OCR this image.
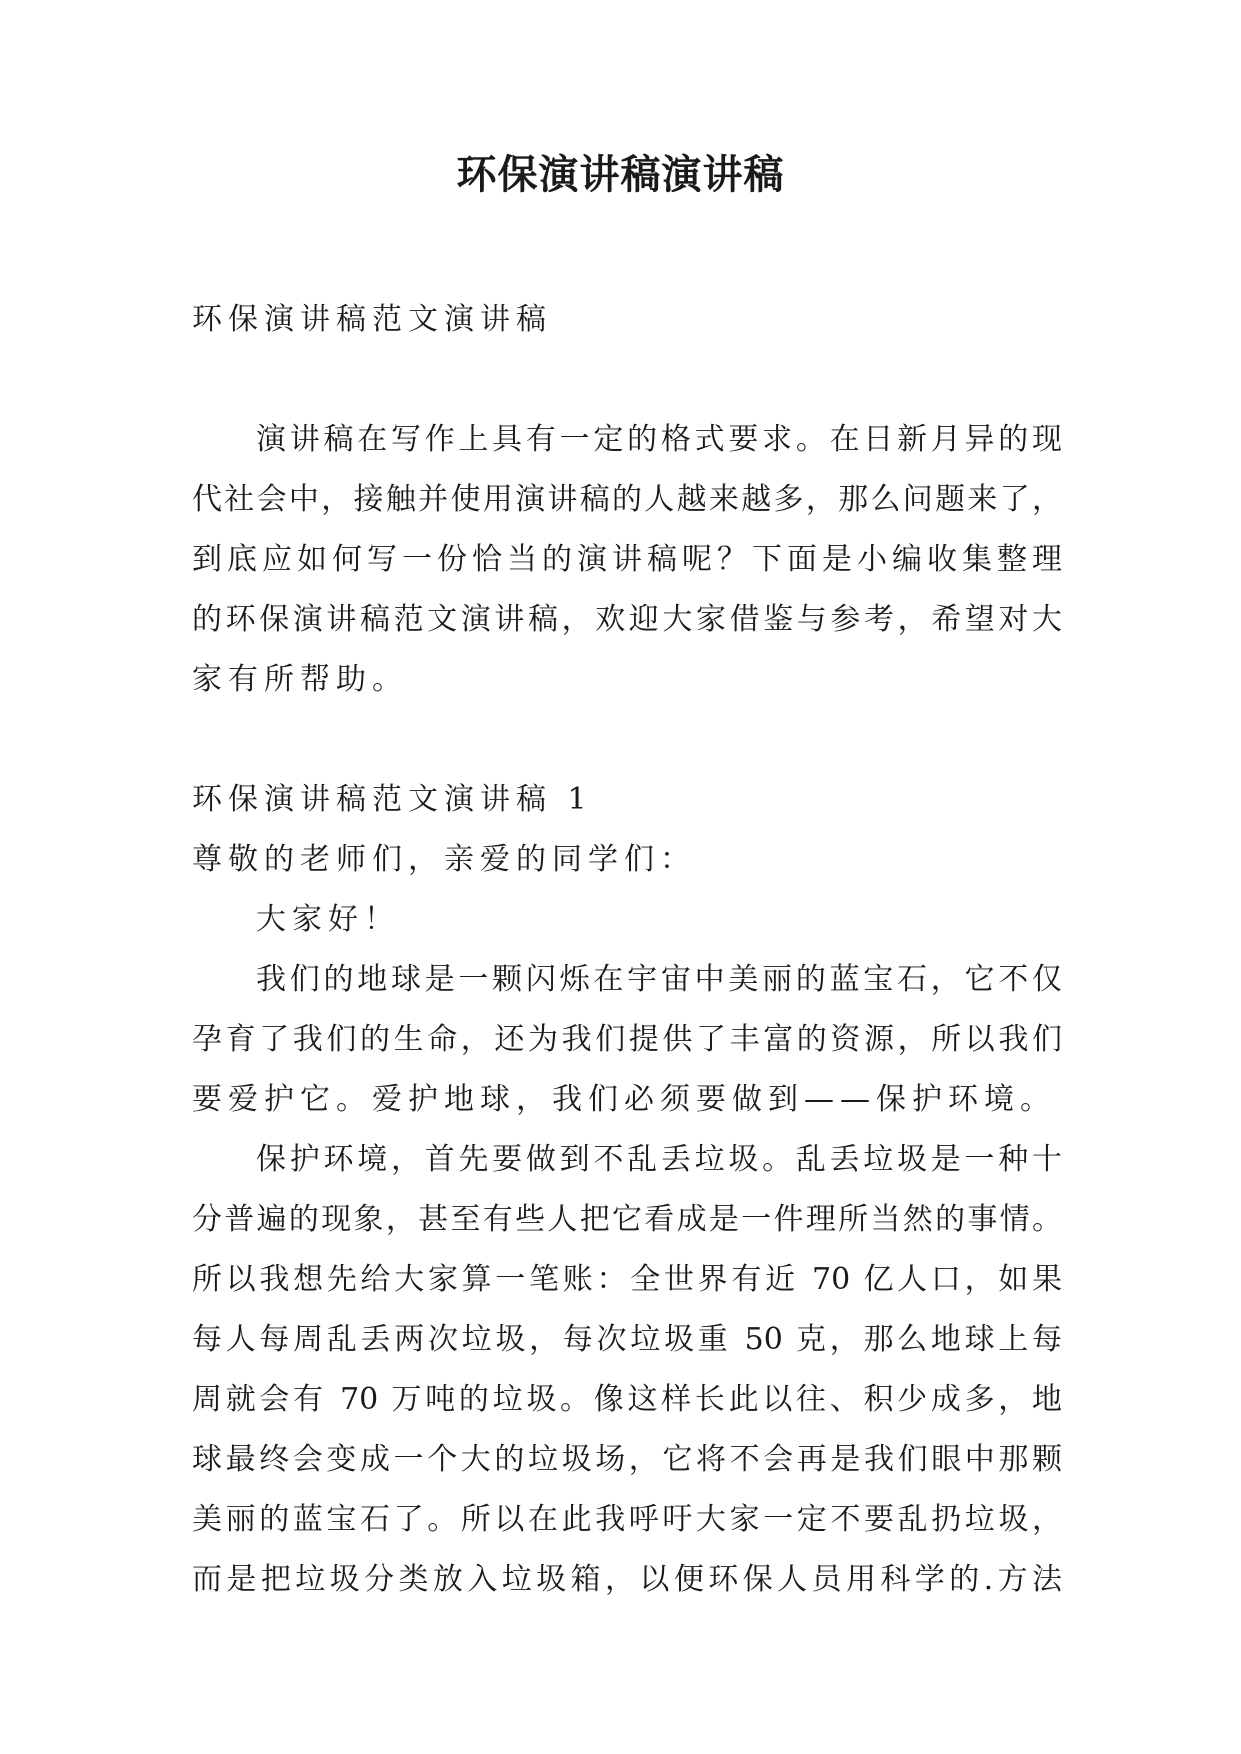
环保演讲稿演讲稿
环保演讲稿范文演讲稿
演讲稿在写作上具有一定的格式要求。在日新月异的现
代社会中，接触并使用演讲稿的人越来越多，那么问题来了，
到底应如何写一份恰当的演讲稿呢？下面是小编收集整理
的环保演讲稿范文演讲稿，欢迎大家借鉴与参考，希望对大
家有所帮助。
环保演讲稿范文演讲稿 1
尊敬的老师们，亲爱的同学们：
大家好！
我们的地球是一颗闪烁在宇宙中美丽的蓝宝石，它不仅
孕育了我们的生命，还为我们提供了丰富的资源，所以我们
要爱护它。爱护地球，我们必须要做到——保护环境。
保护环境，首先要做到不乱丢垃圾。乱丢垃圾是一种十
分普遍的现象，甚至有些人把它看成是一件理所当然的事情。
所以我想先给大家算一笔账：全世界有近 70 亿人口，如果
每人每周乱丢两次垃圾，每次垃圾重 50 克，那么地球上每
周就会有 70 万吨的垃圾。像这样长此以往、积少成多，地
球最终会变成一个大的垃圾场，它将不会再是我们眼中那颗
美丽的蓝宝石了。所以在此我呼吁大家一定不要乱扔垃圾，
而是把垃圾分类放入垃圾箱，以便环保人员用科学的.方法
